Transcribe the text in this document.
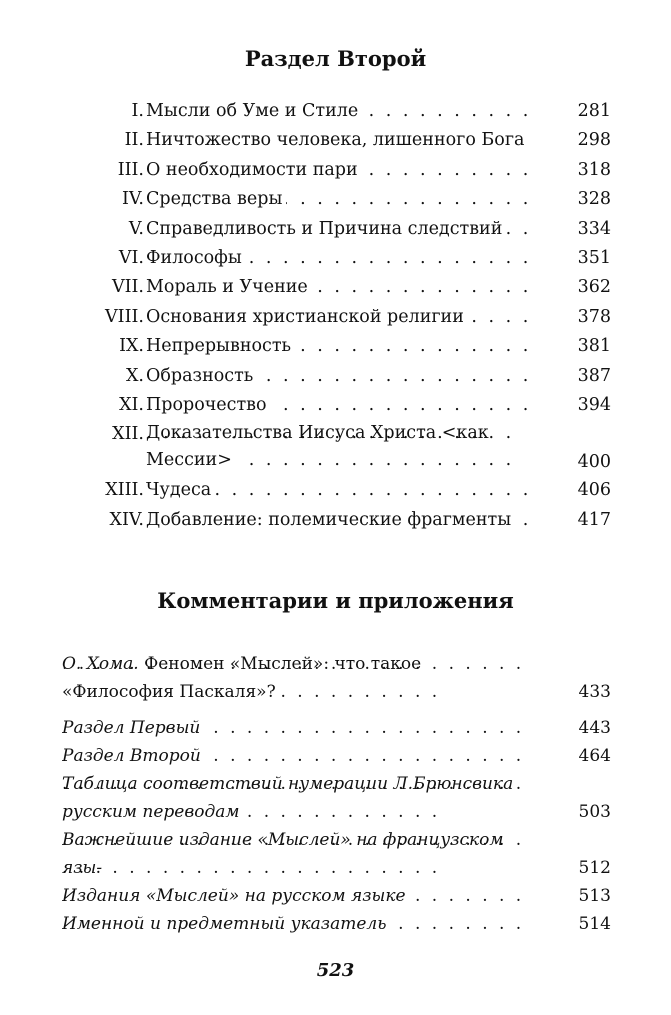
Раздел Второй
I. Мысли об Уме и Стиле . . .	281
II. Ничтожество человека, лишенного Бога	298
III. О необходимости пари . . .	318
IV. Средства веры . . .	328
V. Справедливость и Причина следствий . . .	334
VI. Философы . . .	351
VII. Мораль и Учение . . .	362
VIII. Основания христианской религии . . .	378
IX. Непрерывность . . .	381
X. Образность . . .	387
XI. Пророчество . . .	394
XII. Доказательства Иисуса Христа <как
Мессии> . . .	400
XIII. Чудеса . . .	406
XIV. Добавление: полемические фрагменты . . .	417
Комментарии и приложения
О. Хома. Феномен «Мыслей»: что такое
«Философия Паскаля»? . . .	433
Раздел Первый . . .	443
Раздел Второй . . .	464
Таблица соответствий нумерации Л.Брюнсвика
русским переводам . . .	503
Важнейшие издание «Мыслей» на французском язы-
. . .	512
Издания «Мыслей» на русском языке . . .	513
Именной и предметный указатель . . .	514
523
